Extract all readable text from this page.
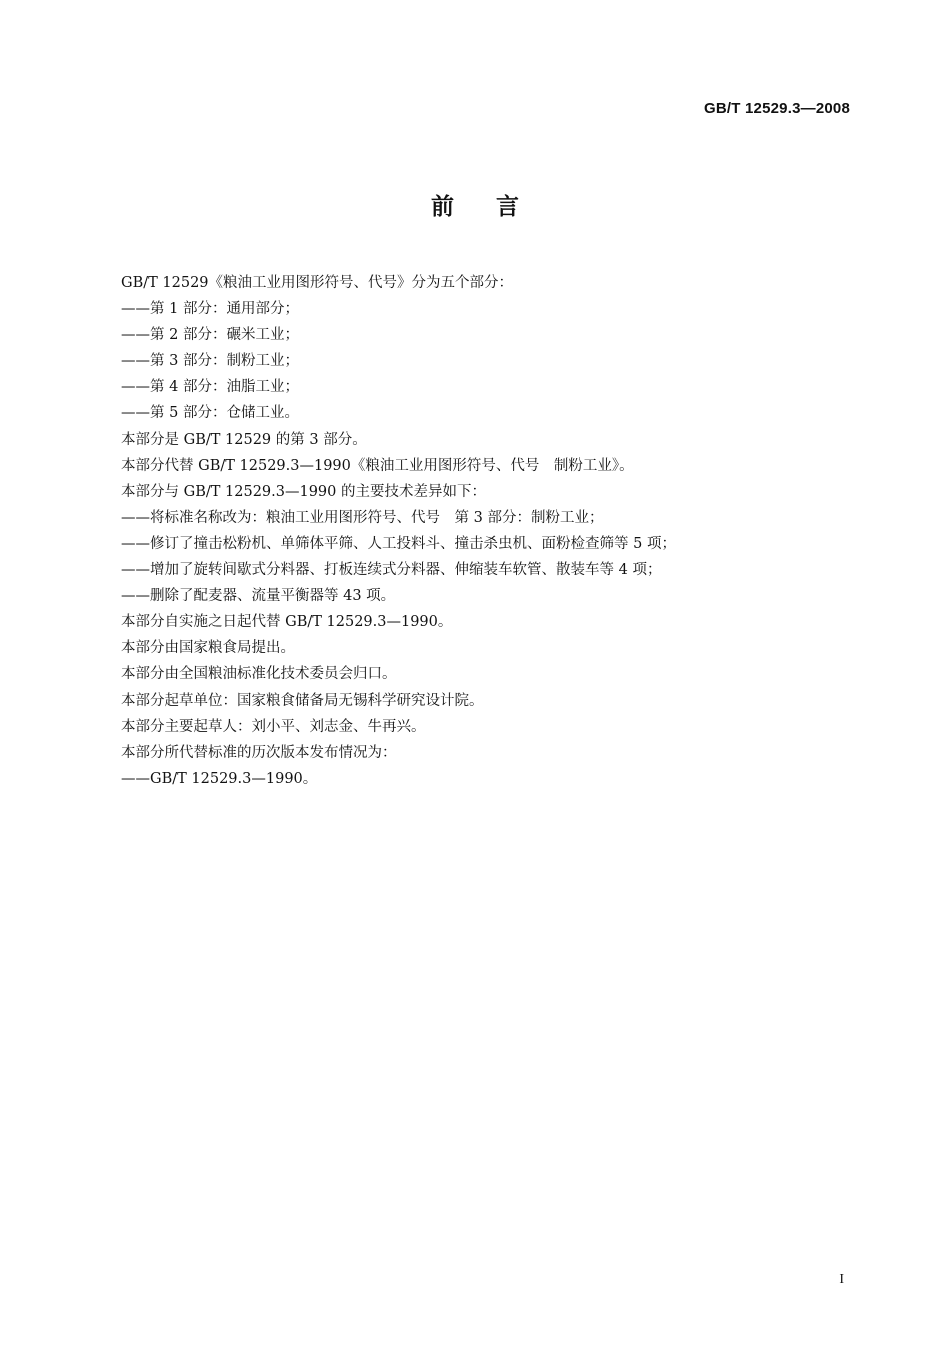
GB/T 12529.3—2008
前言
GB/T 12529《粮油工业用图形符号、代号》分为五个部分：
——第 1 部分：通用部分；
——第 2 部分：碾米工业；
——第 3 部分：制粉工业；
——第 4 部分：油脂工业；
——第 5 部分：仓储工业。
本部分是 GB/T 12529 的第 3 部分。
本部分代替 GB/T 12529.3—1990《粮油工业用图形符号、代号　制粉工业》。
本部分与 GB/T 12529.3—1990 的主要技术差异如下：
——将标准名称改为：粮油工业用图形符号、代号　第 3 部分：制粉工业；
——修订了撞击松粉机、单筛体平筛、人工投料斗、撞击杀虫机、面粉检查筛等 5 项；
——增加了旋转间歇式分料器、打板连续式分料器、伸缩装车软管、散装车等 4 项；
——删除了配麦器、流量平衡器等 43 项。
本部分自实施之日起代替 GB/T 12529.3—1990。
本部分由国家粮食局提出。
本部分由全国粮油标准化技术委员会归口。
本部分起草单位：国家粮食储备局无锡科学研究设计院。
本部分主要起草人：刘小平、刘志金、牛再兴。
本部分所代替标准的历次版本发布情况为：
——GB/T 12529.3—1990。
I
